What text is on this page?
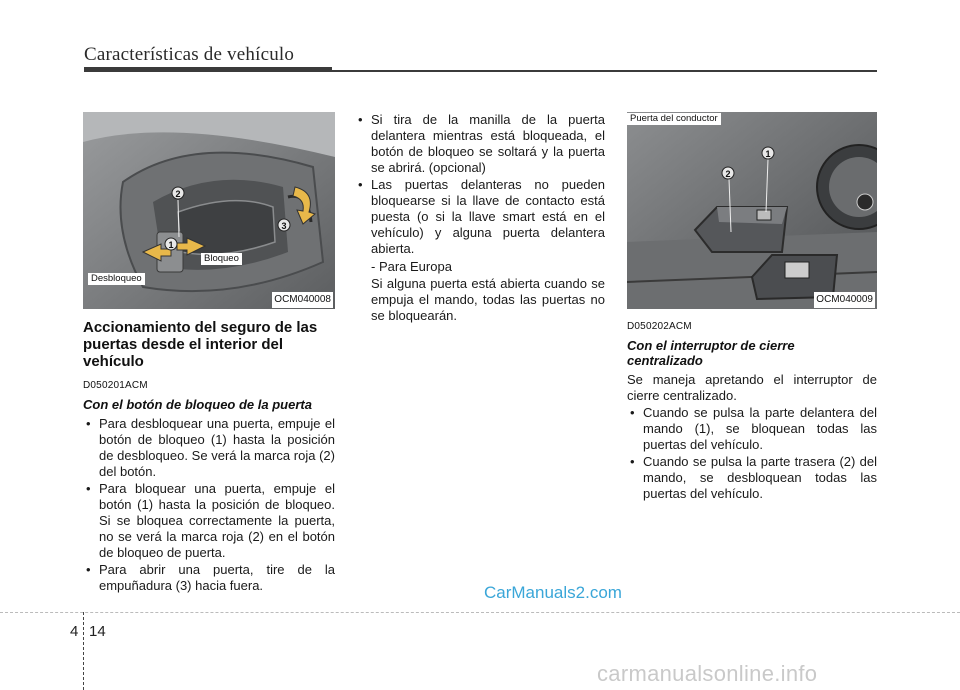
Características de vehículo
1
2
3
Bloqueo
Desbloqueo
OCM040008
Accionamiento del seguro de las puertas desde el interior del vehículo
D050201ACM
Con el botón de bloqueo de la puerta
• Para desbloquear una puerta, empuje el botón de bloqueo (1) hasta la posición de desbloqueo. Se verá la marca roja (2) del botón.
• Para bloquear una puerta, empuje el botón (1) hasta la posición de bloqueo. Si se bloquea correctamente la puerta, no se verá la marca roja (2) en el botón de bloqueo de puerta.
• Para abrir una puerta, tire de la empuñadura (3) hacia fuera.
• Si tira de la manilla de la puerta delantera mientras está bloqueada, el botón de bloqueo se soltará y la puerta se abrirá. (opcional)
• Las puertas delanteras no pueden bloquearse si la llave de contacto está puesta (o si la llave smart está en el vehículo) y alguna puerta delantera abierta.
- Para Europa
Si alguna puerta está abierta cuando se empuja el mando, todas las puertas no se bloquearán.
1
2
Puerta del conductor
OCM040009
D050202ACM
Con el interruptor de cierre centralizado

Se maneja apretando el interruptor de cierre centralizado.

• Cuando se pulsa la parte delantera del mando (1), se bloquean todas las puertas del vehículo.
• Cuando se pulsa la parte trasera (2) del mando, se desbloquean todas las puertas del vehículo.
CarManuals2.com
4 14
carmanualsonline.info
